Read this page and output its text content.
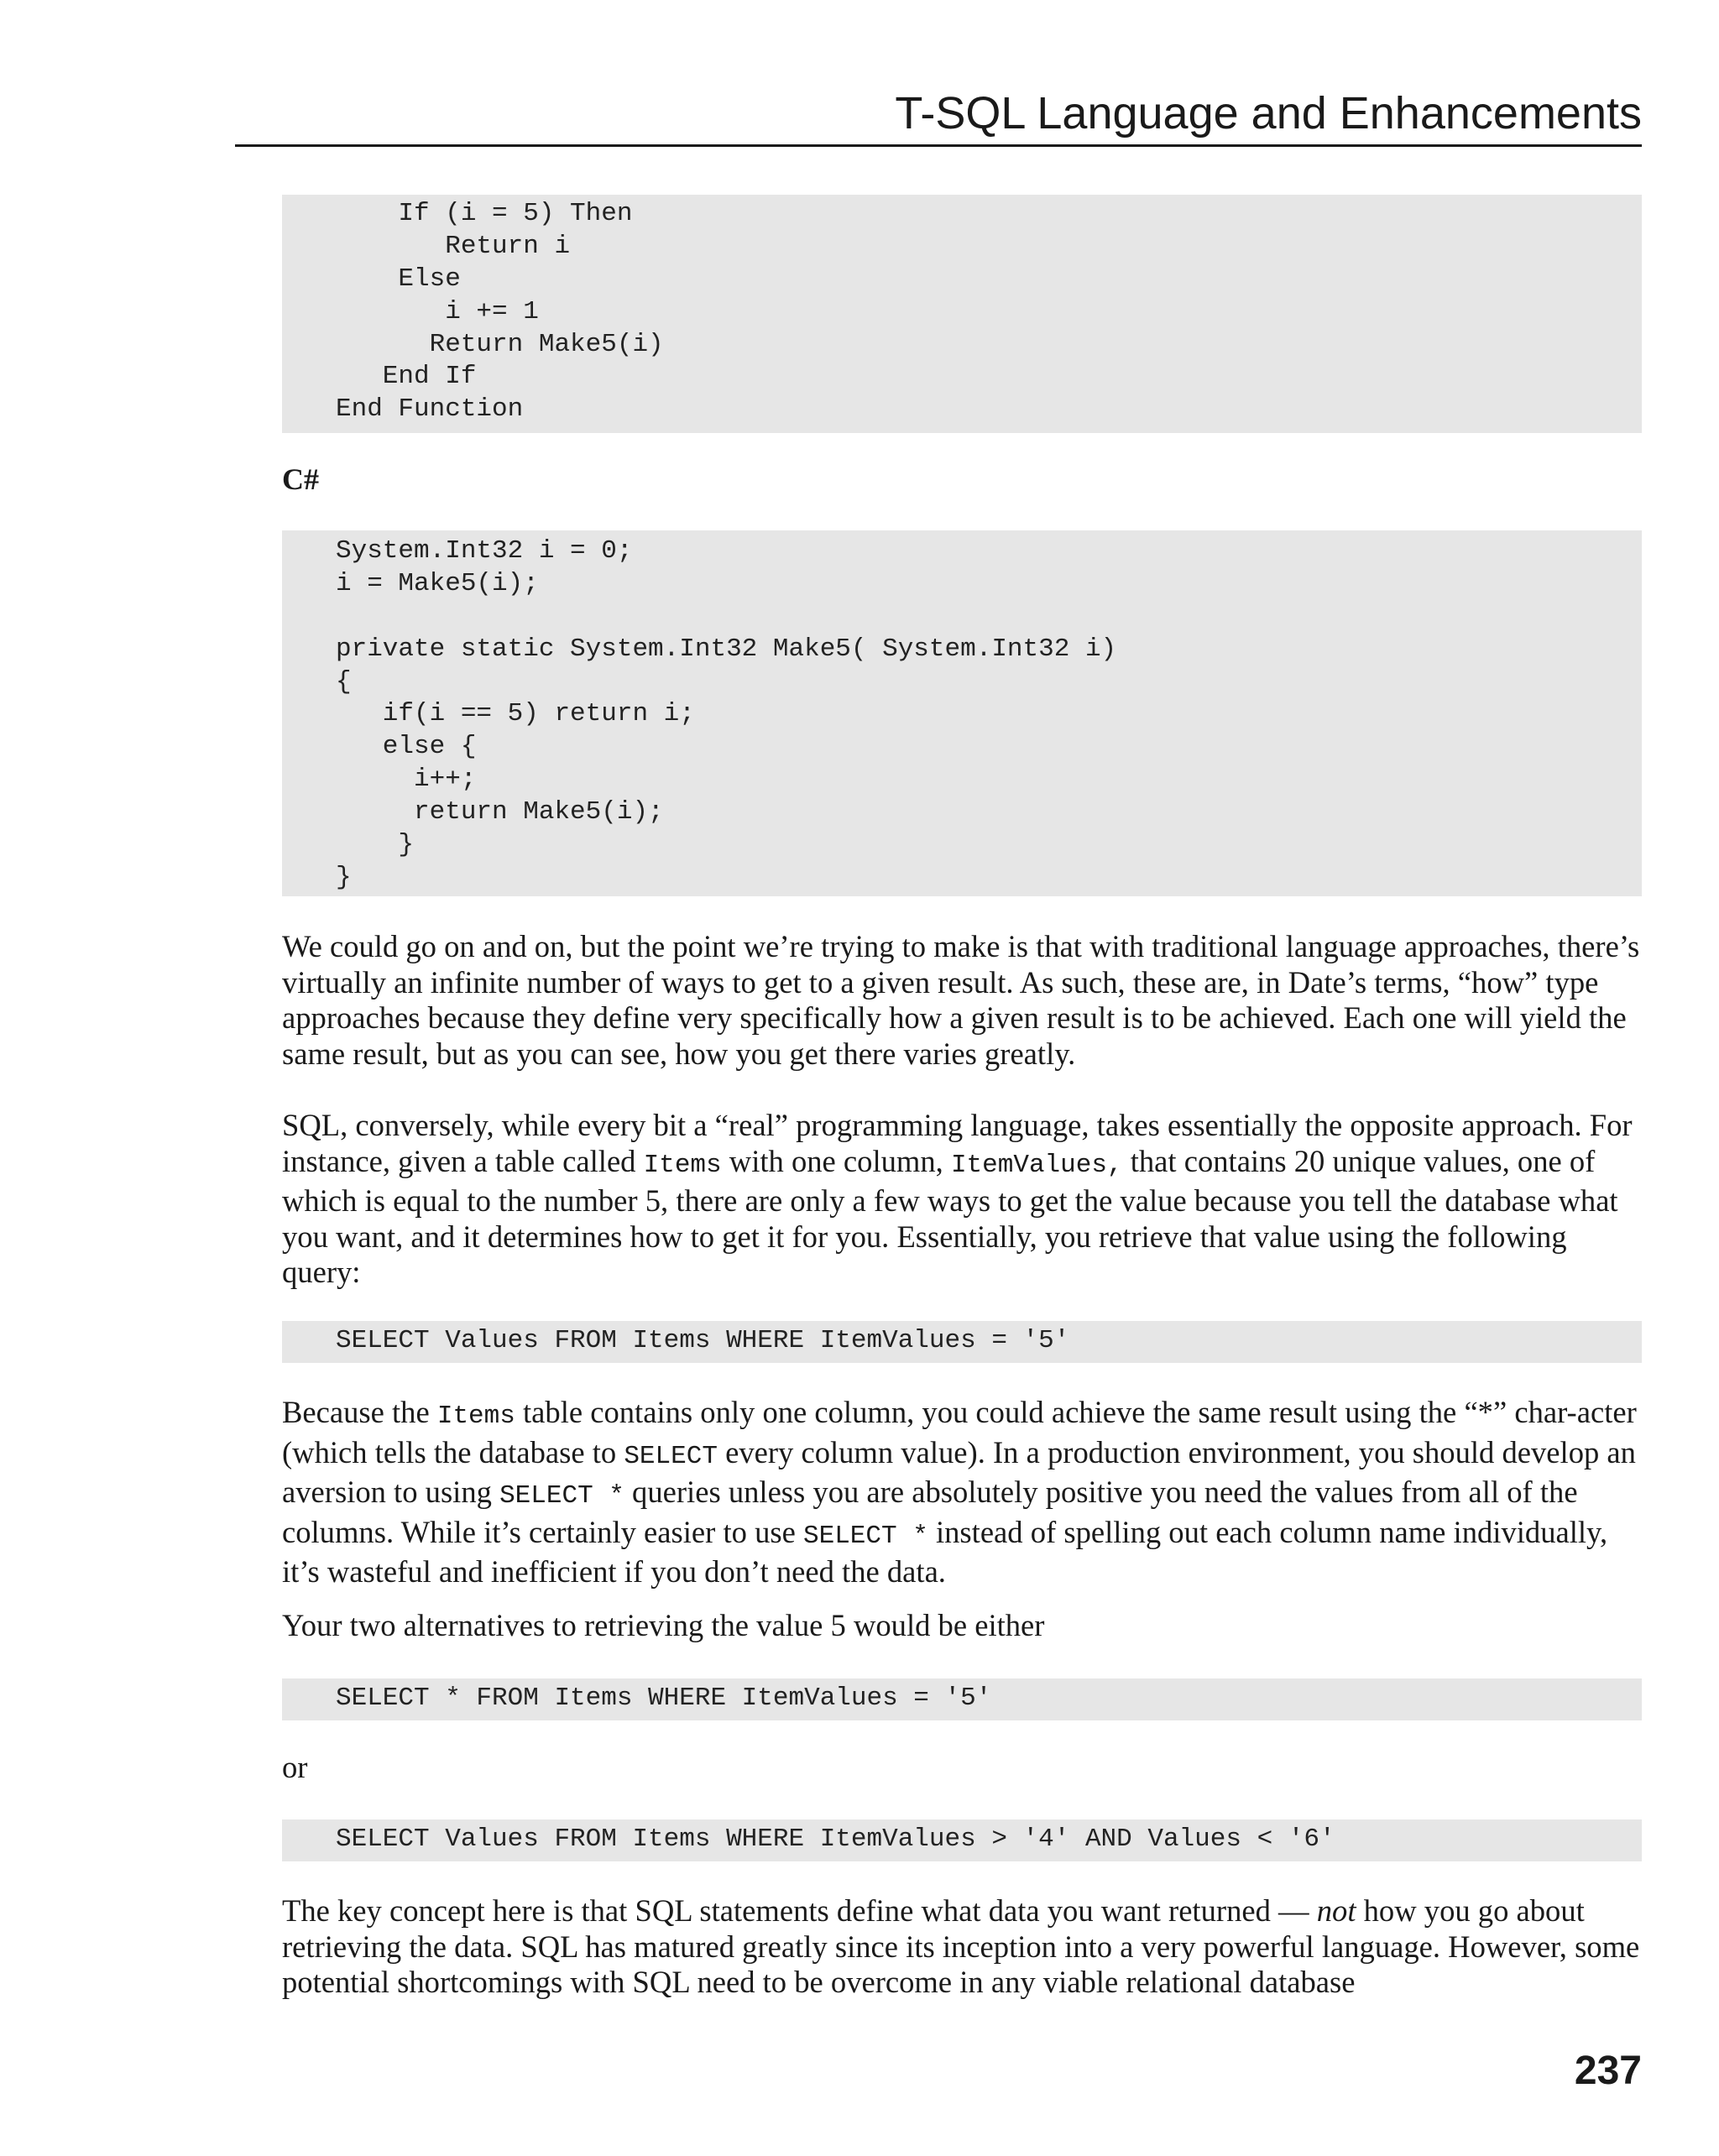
T-SQL Language and Enhancements
If (i = 5) Then
Return i
Else
i += 1
Return Make5(i)
End If
End Function
C#
System.Int32 i = 0;
i = Make5(i);
private static System.Int32 Make5( System.Int32 i)
{
if(i == 5) return i;
else {
i++;
return Make5(i);
}
}

We could go on and on, but the point we’re trying to make is that with traditional language approaches, there’s virtually an infinite number of ways to get to a given result. As such, these are, in Date’s terms, “how” type approaches because they define very specifically how a given result is to be achieved. Each one will yield the same result, but as you can see, how you get there varies greatly.

SQL, conversely, while every bit a “real” programming language, takes essentially the opposite approach. For instance, given a table called Items with one column, ItemValues, that contains 20 unique values, one of which is equal to the number 5, there are only a few ways to get the value because you tell the database what you want, and it determines how to get it for you. Essentially, you retrieve that value using the following query:

SELECT Values FROM Items WHERE ItemValues = '5'

Because the Items table contains only one column, you could achieve the same result using the “*” char-acter (which tells the database to SELECT every column value). In a production environment, you should develop an aversion to using SELECT * queries unless you are absolutely positive you need the values from all of the columns. While it’s certainly easier to use SELECT * instead of spelling out each column name individually, it’s wasteful and inefficient if you don’t need the data.

Your two alternatives to retrieving the value 5 would be either

SELECT * FROM Items WHERE ItemValues = '5'

or

SELECT Values FROM Items WHERE ItemValues > '4' AND Values < '6'

The key concept here is that SQL statements define what data you want returned — not how you go about retrieving the data. SQL has matured greatly since its inception into a very powerful language. However, some potential shortcomings with SQL need to be overcome in any viable relational database

237
